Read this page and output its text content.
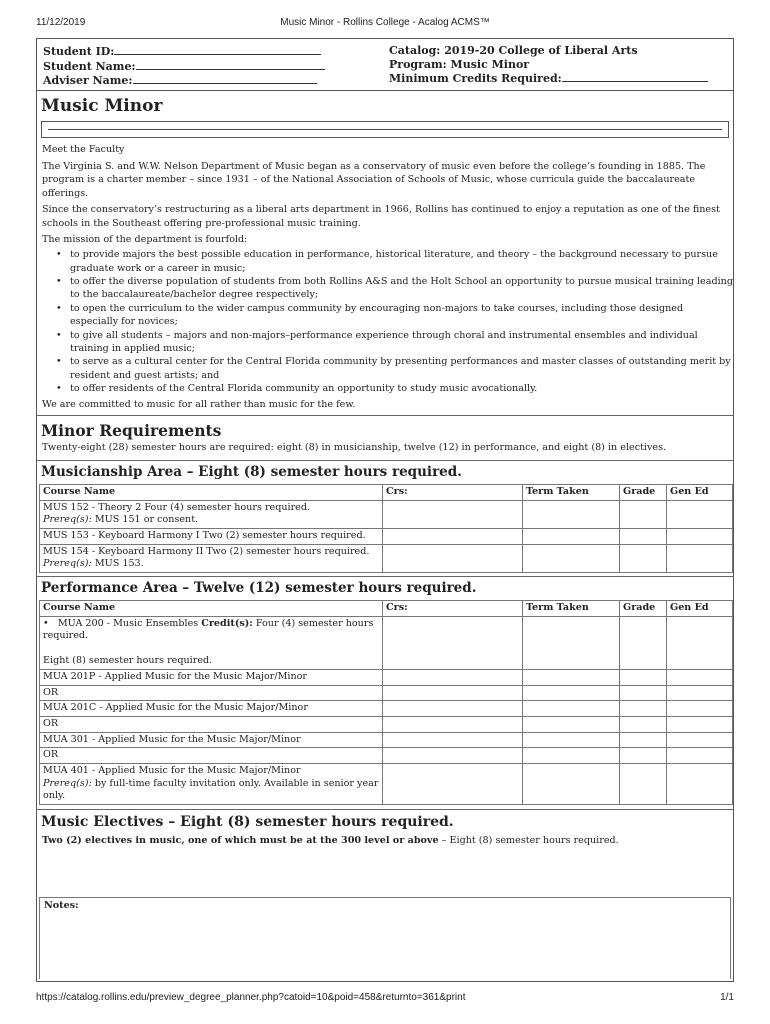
11/12/2019	Music Minor - Rollins College - Acalog ACMS™
Student ID:
Student Name:
Adviser Name:
Catalog: 2019-20 College of Liberal Arts
Program: Music Minor
Minimum Credits Required:
Music Minor
Meet the Faculty
The Virginia S. and W.W. Nelson Department of Music began as a conservatory of music even before the college’s founding in 1885. The program is a charter member – since 1931 – of the National Association of Schools of Music, whose curricula guide the baccalaureate offerings.
Since the conservatory’s restructuring as a liberal arts department in 1966, Rollins has continued to enjoy a reputation as one of the finest schools in the Southeast offering pre-professional music training.
The mission of the department is fourfold:
• to provide majors the best possible education in performance, historical literature, and theory – the background necessary to pursue graduate work or a career in music;
• to offer the diverse population of students from both Rollins A&S and the Holt School an opportunity to pursue musical training leading to the baccalaureate/bachelor degree respectively;
• to open the curriculum to the wider campus community by encouraging non-majors to take courses, including those designed especially for novices;
• to give all students – majors and non-majors–performance experience through choral and instrumental ensembles and individual training in applied music;
• to serve as a cultural center for the Central Florida community by presenting performances and master classes of outstanding merit by resident and guest artists; and
• to offer residents of the Central Florida community an opportunity to study music avocationally.
We are committed to music for all rather than music for the few.
Minor Requirements
Twenty-eight (28) semester hours are required: eight (8) in musicianship, twelve (12) in performance, and eight (8) in electives.
Musicianship Area – Eight (8) semester hours required.
Course Name	Crs:	Term Taken	Grade	Gen Ed

MUS 152 - Theory 2 Four (4) semester hours required.
Prereq(s): MUS 151 or consent.				

MUS 153 - Keyboard Harmony I Two (2) semester hours required.				

MUS 154 - Keyboard Harmony II Two (2) semester hours required.
Prereq(s): MUS 153.				

Performance Area – Twelve (12) semester hours required.
Course Name	Crs:	Term Taken	Grade	Gen Ed

• MUA 200 - Music Ensembles Credit(s): Four (4) semester hours required.
Eight (8) semester hours required.				

MUA 201P - Applied Music for the Music Major/Minor				
OR				
MUA 201C - Applied Music for the Music Major/Minor				
OR				
MUA 301 - Applied Music for the Music Major/Minor				
OR				

MUA 401 - Applied Music for the Music Major/Minor
Prereq(s): by full-time faculty invitation only. Available in senior year only.				

Music Electives – Eight (8) semester hours required.
Two (2) electives in music, one of which must be at the 300 level or above – Eight (8) semester hours required.
Notes:
https://catalog.rollins.edu/preview_degree_planner.php?catoid=10&poid=458&returnto=361&print	1/1
